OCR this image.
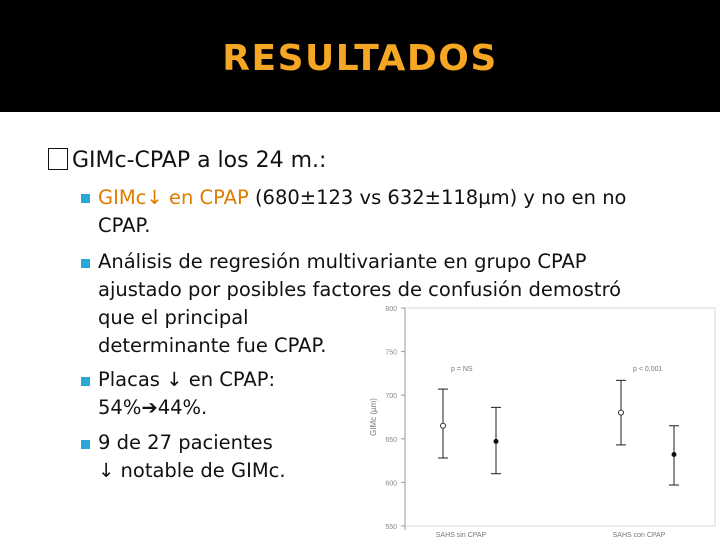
RESULTADOS
GIMc-CPAP a los 24 m.:
GIMc↓ en CPAP (680±123 vs 632±118µm) y no en no
CPAP.
Análisis de regresión multivariante en grupo CPAP
ajustado por posibles factores de confusión demostró
que el principal
determinante fue CPAP.
Placas ↓ en CPAP:
54%➔44%.
9 de 27 pacientes
↓ notable de GIMc.
550
600
650
700
750
800
GIMc (µm)
SAHS sin CPAP
p = NS
SAHS con CPAP
p < 0,001
